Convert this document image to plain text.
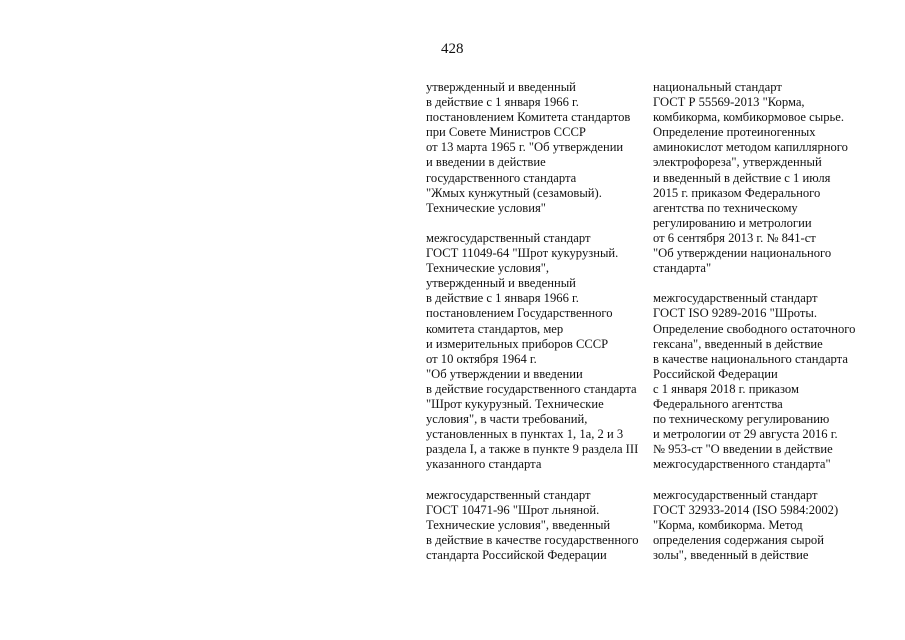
428
утвержденный и введенный
в действие с 1 января 1966 г.
постановлением Комитета стандартов
при Совете Министров СССР
от 13 марта 1965 г. "Об утверждении
и введении в действие
государственного стандарта
"Жмых кунжутный (сезамовый).
Технические условия"
межгосударственный стандарт
ГОСТ 11049-64 "Шрот кукурузный.
Технические условия",
утвержденный и введенный
в действие с 1 января 1966 г.
постановлением Государственного
комитета стандартов, мер
и измерительных приборов СССР
от 10 октября 1964 г.
"Об утверждении и введении
в действие государственного стандарта
"Шрот кукурузный. Технические
условия", в части требований,
установленных в пунктах 1, 1а, 2 и 3
раздела I, а также в пункте 9 раздела III
указанного стандарта
межгосударственный стандарт
ГОСТ 10471-96 "Шрот льняной.
Технические условия", введенный
в действие в качестве государственного
стандарта Российской Федерации
национальный стандарт
ГОСТ Р 55569-2013 "Корма,
комбикорма, комбикормовое сырье.
Определение протеиногенных
аминокислот методом капиллярного
электрофореза", утвержденный
и введенный в действие с 1 июля
2015 г. приказом Федерального
агентства по техническому
регулированию и метрологии
от 6 сентября 2013 г. № 841-ст
"Об утверждении национального
стандарта"
межгосударственный стандарт
ГОСТ ISO 9289-2016 "Шроты.
Определение свободного остаточного
гексана", введенный в действие
в качестве национального стандарта
Российской Федерации
с 1 января 2018 г. приказом
Федерального агентства
по техническому регулированию
и метрологии от 29 августа 2016 г.
№ 953-ст "О введении в действие
межгосударственного стандарта"
межгосударственный стандарт
ГОСТ 32933-2014 (ISO 5984:2002)
"Корма, комбикорма. Метод
определения содержания сырой
золы", введенный в действие
